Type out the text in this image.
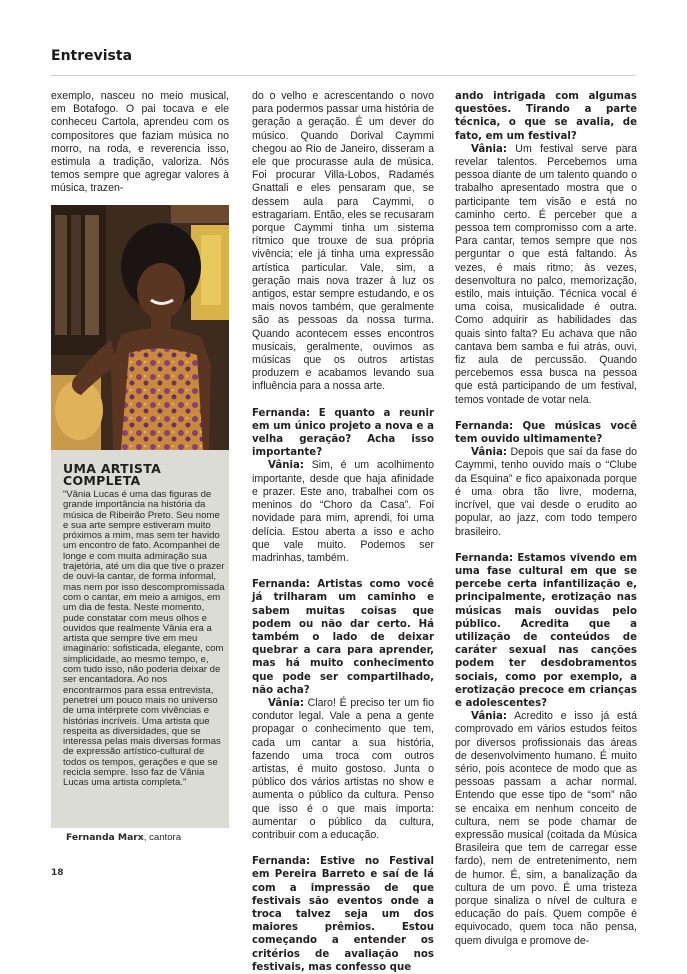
Entrevista

exemplo, nasceu no meio musical, em Botafogo. O pai tocava e ele conheceu Cartola, aprendeu com os compositores que faziam música no morro, na roda, e reverencia isso, estimula a tradição, valoriza. Nós temos sempre que agregar valores à música, trazen-

UMA ARTISTA COMPLETA
“Vânia Lucas é uma das figuras de grande importância na história da música de Ribeirão Preto. Seu nome e sua arte sempre estiveram muito próximos a mim, mas sem ter havido um encontro de fato. Acompanhei de longe e com muita admiração sua trajetória, até um dia que tive o prazer de ouvi-la cantar, de forma informal, mas nem por isso descompromissada com o cantar, em meio a amigos, em um dia de festa. Neste momento, pude constatar com meus olhos e ouvidos que realmente Vânia era a artista que sempre tive em meu imaginário: sofisticada, elegante, com simplicidade, ao mesmo tempo, e, com tudo isso, não poderia deixar de ser encantadora. Ao nos encontrarmos para essa entrevista, penetrei um pouco mais no universo de uma intérprete com vivências e histórias incríveis. Uma artista que respeita as diversidades, que se interessa pelas mais diversas formas de expressão artístico-cultural de todos os tempos, gerações e que se recicla sempre. Isso faz de Vânia Lucas uma artista completa.”
Fernanda Marx, cantora

do o velho e acrescentando o novo para podermos passar uma história de geração a geração. É um dever do músico. Quando Dorival Caymmi chegou ao Rio de Janeiro, disseram a ele que procurasse aula de música. Foi procurar Villa-Lobos, Radamés Gnattali e eles pensaram que, se dessem aula para Caymmi, o estragariam. Então, eles se recusaram porque Caymmi tinha um sistema rítmico que trouxe de sua própria vivência; ele já tinha uma expressão artística particular. Vale, sim, a geração mais nova trazer à luz os antigos, estar sempre estudando, e os mais novos também, que geralmente são as pessoas da nossa turma. Quando acontecem esses encontros musicais, geralmente, ouvimos as músicas que os outros artistas produzem e acabamos levando sua influência para a nossa arte.

Fernanda: E quanto a reunir em um único projeto a nova e a velha geração? Acha isso importante?

Vânia: Sim, é um acolhimento importante, desde que haja afinidade e prazer. Este ano, trabalhei com os meninos do “Choro da Casa”. Foi novidade para mim, aprendi, foi uma delícia. Estou aberta a isso e acho que vale muito. Podemos ser madrinhas, também.

Fernanda: Artistas como você já trilharam um caminho e sabem muitas coisas que podem ou não dar certo. Há também o lado de deixar quebrar a cara para aprender, mas há muito conhecimento que pode ser compartilhado, não acha?

Vânia: Claro! É preciso ter um fio condutor legal. Vale a pena a gente propagar o conhecimento que tem, cada um cantar a sua história, fazendo uma troca com outros artistas, é muito gostoso. Junta o público dos vários artistas no show e aumenta o público da cultura. Penso que isso é o que mais importa: aumentar o público da cultura, contribuir com a educação.

Fernanda: Estive no Festival em Pereira Barreto e saí de lá com a impressão de que festivais são eventos onde a troca talvez seja um dos maiores prêmios. Estou começando a entender os critérios de avaliação nos festivais, mas confesso que

ando intrigada com algumas questões. Tirando a parte técnica, o que se avalia, de fato, em um festival?

Vânia: Um festival serve para revelar talentos. Percebemos uma pessoa diante de um talento quando o trabalho apresentado mostra que o participante tem visão e está no caminho certo. É perceber que a pessoa tem compromisso com a arte. Para cantar, temos sempre que nos perguntar o que está faltando. Às vezes, é mais ritmo; às vezes, desenvoltura no palco, memorização, estilo, mais intuição. Técnica vocal é uma coisa, musicalidade é outra. Como adquirir as habilidades das quais sinto falta? Eu achava que não cantava bem samba e fui atrás, ouvi, fiz aula de percussão. Quando percebemos essa busca na pessoa que está participando de um festival, temos vontade de votar nela.

Fernanda: Que músicas você tem ouvido ultimamente?

Vânia: Depois que saí da fase do Caymmi, tenho ouvido mais o “Clube da Esquina” e fico apaixonada porque é uma obra tão livre, moderna, incrível, que vai desde o erudito ao popular, ao jazz, com todo tempero brasileiro.

Fernanda: Estamos vivendo em uma fase cultural em que se percebe certa infantilização e, principalmente, erotização nas músicas mais ouvidas pelo público. Acredita que a utilização de conteúdos de caráter sexual nas canções podem ter desdobramentos sociais, como por exemplo, a erotização precoce em crianças e adolescentes?

Vânia: Acredito e isso já está comprovado em vários estudos feitos por diversos profissionais das áreas de desenvolvimento humano. É muito sério, pois acontece de modo que as pessoas passam a achar normal. Entendo que esse tipo de “som” não se encaixa em nenhum conceito de cultura, nem se pode chamar de expressão musical (coitada da Música Brasileira que tem de carregar esse fardo), nem de entretenimento, nem de humor. É, sim, a banalização da cultura de um povo. É uma tristeza porque sinaliza o nível de cultura e educação do país. Quem compõe é equivocado, quem toca não pensa, quem divulga e promove de-

18
